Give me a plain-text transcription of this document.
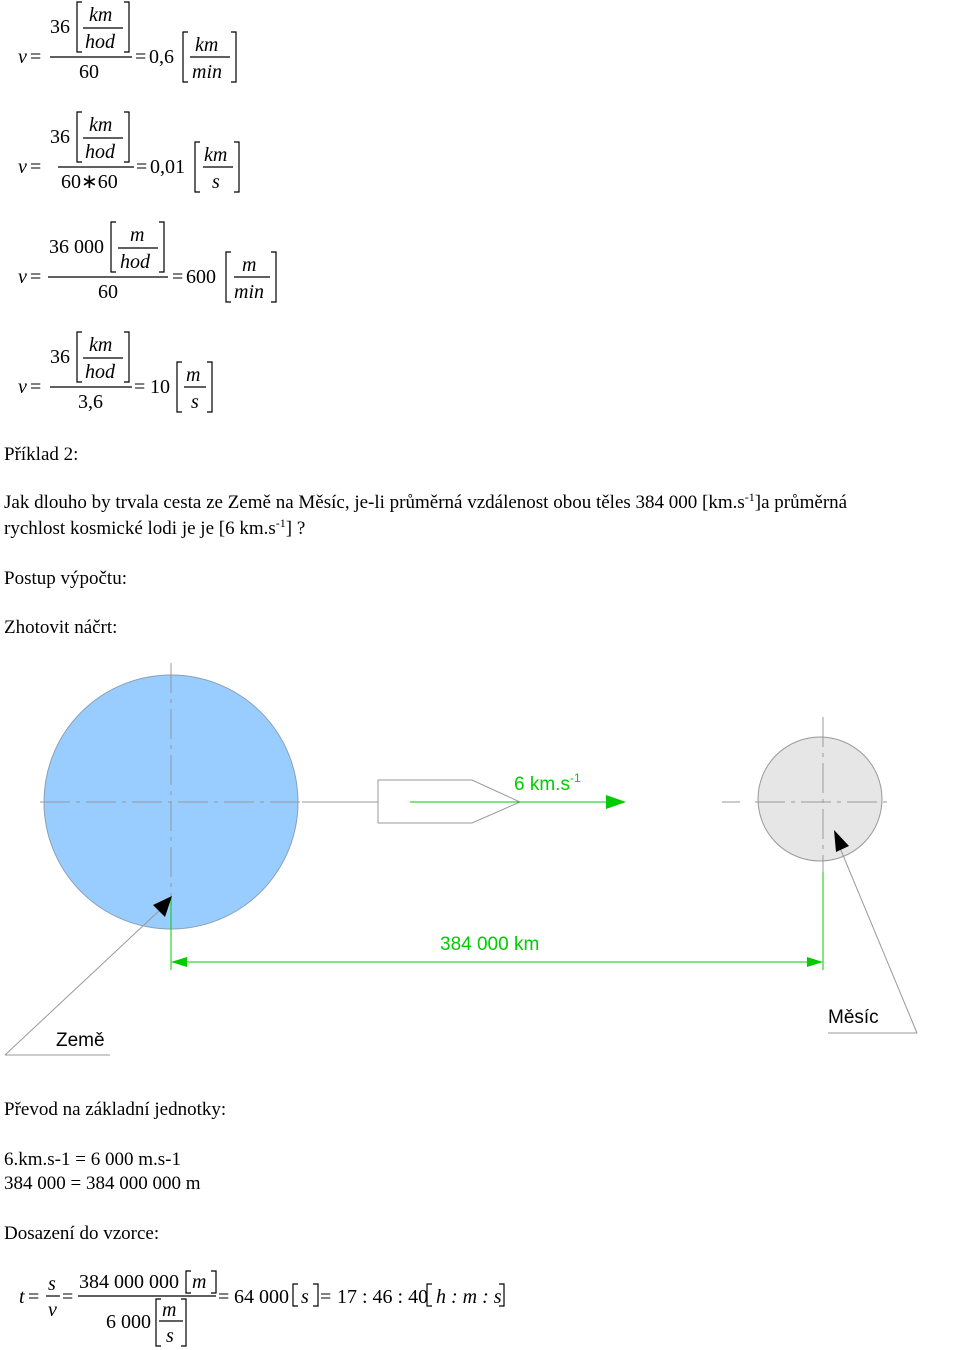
v =
36
km
hod
60
= 0,6
km
min
v =
36
km
hod
60∗60
= 0,01
km
s
v =
36 000
m
hod
60
= 600
m
min
v =
36
km
hod
3,6
= 10
m
s
Příklad 2:
Jak dlouho by trvala cesta ze Země na Měsíc, je-li průměrná vzdálenost obou těles 384 000 $[km.s^{-1}]a$ průměrná
rychlost kosmické lodi je je [6 $km.s^{-1}$] ?
Postup výpočtu:
Zhotovit náčrt:
6 $km.s^{-1}$
384 000 km
Země
Měsíc
Převod na základní jednotky:
6.km.s-1 = 6 000 m.s-1
384 000 = 384 000 000 m
Dosazení do vzorce:
t =
s
v
=
384 000 000 m
6 000
m
s
= 64 000 s = 17 : 46 : 40 h : m : s
